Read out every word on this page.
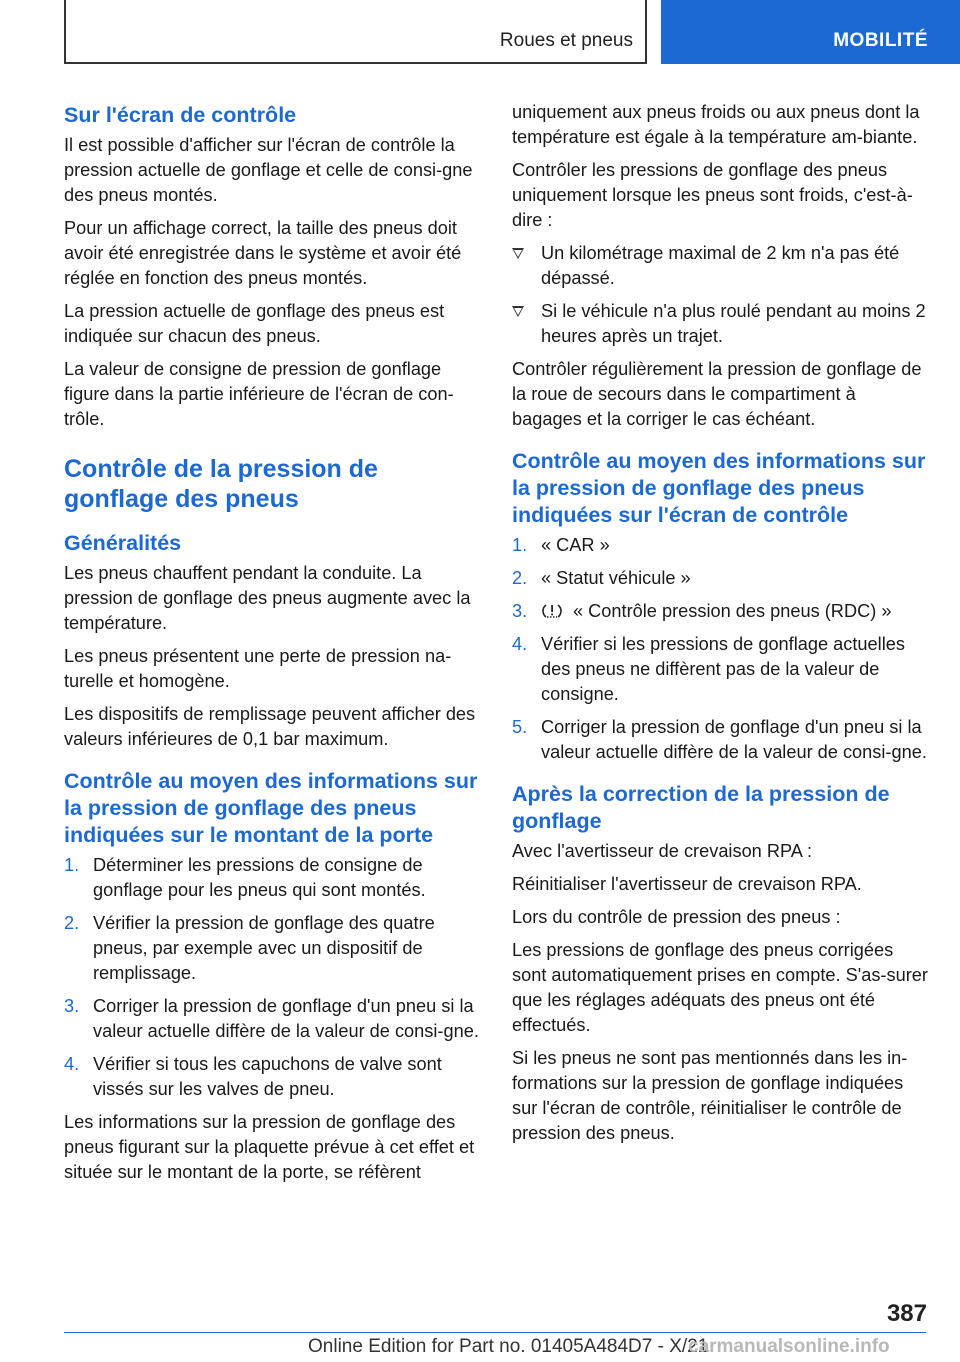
Roues et pneus	MOBILITÉ
Sur l'écran de contrôle

Il est possible d'afficher sur l'écran de contrôle la pression actuelle de gonflage et celle de consi-gne des pneus montés.

Pour un affichage correct, la taille des pneus doit avoir été enregistrée dans le système et avoir été réglée en fonction des pneus montés.

La pression actuelle de gonflage des pneus est indiquée sur chacun des pneus.

La valeur de consigne de pression de gonflage figure dans la partie inférieure de l'écran de con-trôle.

Contrôle de la pression de gonflage des pneus
Généralités

Les pneus chauffent pendant la conduite. La pression de gonflage des pneus augmente avec la température.

Les pneus présentent une perte de pression na-turelle et homogène.

Les dispositifs de remplissage peuvent afficher des valeurs inférieures de 0,1 bar maximum.

Contrôle au moyen des informations sur la pression de gonflage des pneus indiquées sur le montant de la porte
1. Déterminer les pressions de consigne de gonflage pour les pneus qui sont montés.
2. Vérifier la pression de gonflage des quatre pneus, par exemple avec un dispositif de remplissage.
3. Corriger la pression de gonflage d'un pneu si la valeur actuelle diffère de la valeur de consi-gne.
4. Vérifier si tous les capuchons de valve sont vissés sur les valves de pneu.

Les informations sur la pression de gonflage des pneus figurant sur la plaquette prévue à cet effet et située sur le montant de la porte, se réfèrent

uniquement aux pneus froids ou aux pneus dont la température est égale à la température am-biante.

Contrôler les pressions de gonflage des pneus uniquement lorsque les pneus sont froids, c'est-à-dire :

Un kilométrage maximal de 2 km n'a pas été dépassé.
Si le véhicule n'a plus roulé pendant au moins 2 heures après un trajet.

Contrôler régulièrement la pression de gonflage de la roue de secours dans le compartiment à bagages et la corriger le cas échéant.

Contrôle au moyen des informations sur la pression de gonflage des pneus indiquées sur l'écran de contrôle
1. « CAR »
2. « Statut véhicule »
3.	« Contrôle pression des pneus (RDC) »
4. Vérifier si les pressions de gonflage actuelles des pneus ne diffèrent pas de la valeur de consigne.
5. Corriger la pression de gonflage d'un pneu si la valeur actuelle diffère de la valeur de consi-gne.
Après la correction de la pression de gonflage

Avec l'avertisseur de crevaison RPA :

Réinitialiser l'avertisseur de crevaison RPA.

Lors du contrôle de pression des pneus :

Les pressions de gonflage des pneus corrigées sont automatiquement prises en compte. S'as-surer que les réglages adéquats des pneus ont été effectués.

Si les pneus ne sont pas mentionnés dans les in-formations sur la pression de gonflage indiquées sur l'écran de contrôle, réinitialiser le contrôle de pression des pneus.

387
Online Edition for Part no. 01405A484D7 - X/21
carmanualsonline.info
